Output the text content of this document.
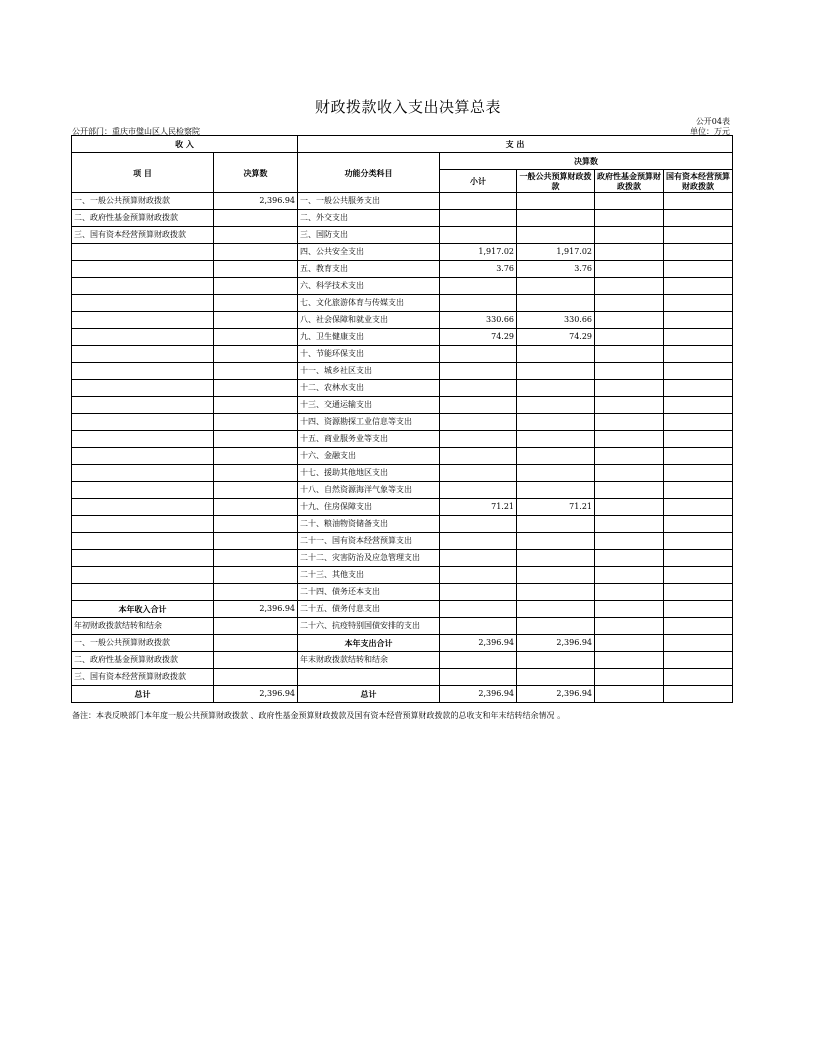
财政拨款收入支出决算总表
公开04表
公开部门：重庆市璧山区人民检察院	单位：万元
收 入		支 出				
项 目	决算数	功能分类科目	决算数			
			小计	一般公共预算财政拨款	政府性基金预算财政拨款	国有资本经营预算财政拨款
一、一般公共预算财政拨款	2,396.94	一、一般公共服务支出				
二、政府性基金预算财政拨款		二、外交支出				
三、国有资本经营预算财政拨款		三、国防支出				
		四、公共安全支出	1,917.02	1,917.02		
		五、教育支出	3.76	3.76		
		六、科学技术支出				
		七、文化旅游体育与传媒支出				
		八、社会保障和就业支出	330.66	330.66		
		九、卫生健康支出	74.29	74.29		
		十、节能环保支出				
		十一、城乡社区支出				
		十二、农林水支出				
		十三、交通运输支出				
		十四、资源勘探工业信息等支出				
		十五、商业服务业等支出				
		十六、金融支出				
		十七、援助其他地区支出				
		十八、自然资源海洋气象等支出				
		十九、住房保障支出	71.21	71.21		
		二十、粮油物资储备支出				
		二十一、国有资本经营预算支出				
		二十二、灾害防治及应急管理支出				
		二十三、其他支出				
		二十四、债务还本支出				
本年收入合计	2,396.94	二十五、债务付息支出				
年初财政拨款结转和结余		二十六、抗疫特别国债安排的支出				
一、一般公共预算财政拨款		本年支出合计	2,396.94	2,396.94		
二、政府性基金预算财政拨款		年末财政拨款结转和结余				
三、国有资本经营预算财政拨款						
总计	2,396.94	总计	2,396.94	2,396.94		
备注：本表反映部门本年度一般公共预算财政拨款 、政府性基金预算财政拨款及国有资本经营预算财政拨款的总收支和年末结转结余情况 。
